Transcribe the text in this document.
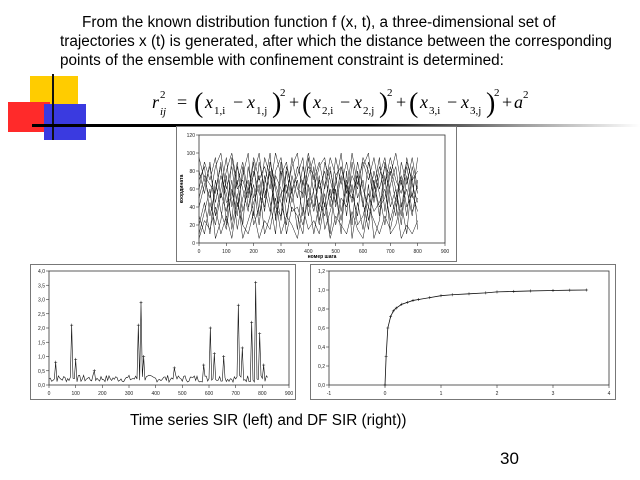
From the known distribution function f (x, t), a three-dimensional set of trajectories x (t) is generated, after which the distance between the corresponding points of the ensemble with confinement constraint is determined:

r 2
ij = ( x 1,i − x 1,j )
2 + ( x 2,i − x 2,j )
2 + ( x 3,i − x 3,j )
2 + a 2
0	100	200	300	400	500	600	700	800	900
0
20
40
60
80
100
120
номер шага
координата
0	100	200	300	400	500	600	700	800	900
0,0
0,5
1,0
1,5
2,0
2,5
3,0
3,5
4,0
-1	0	1	2	3	4
0,0
0,2
0,4
0,6
0,8
1,0
1,2

Time series SIR (left) and DF SIR (right))

30
